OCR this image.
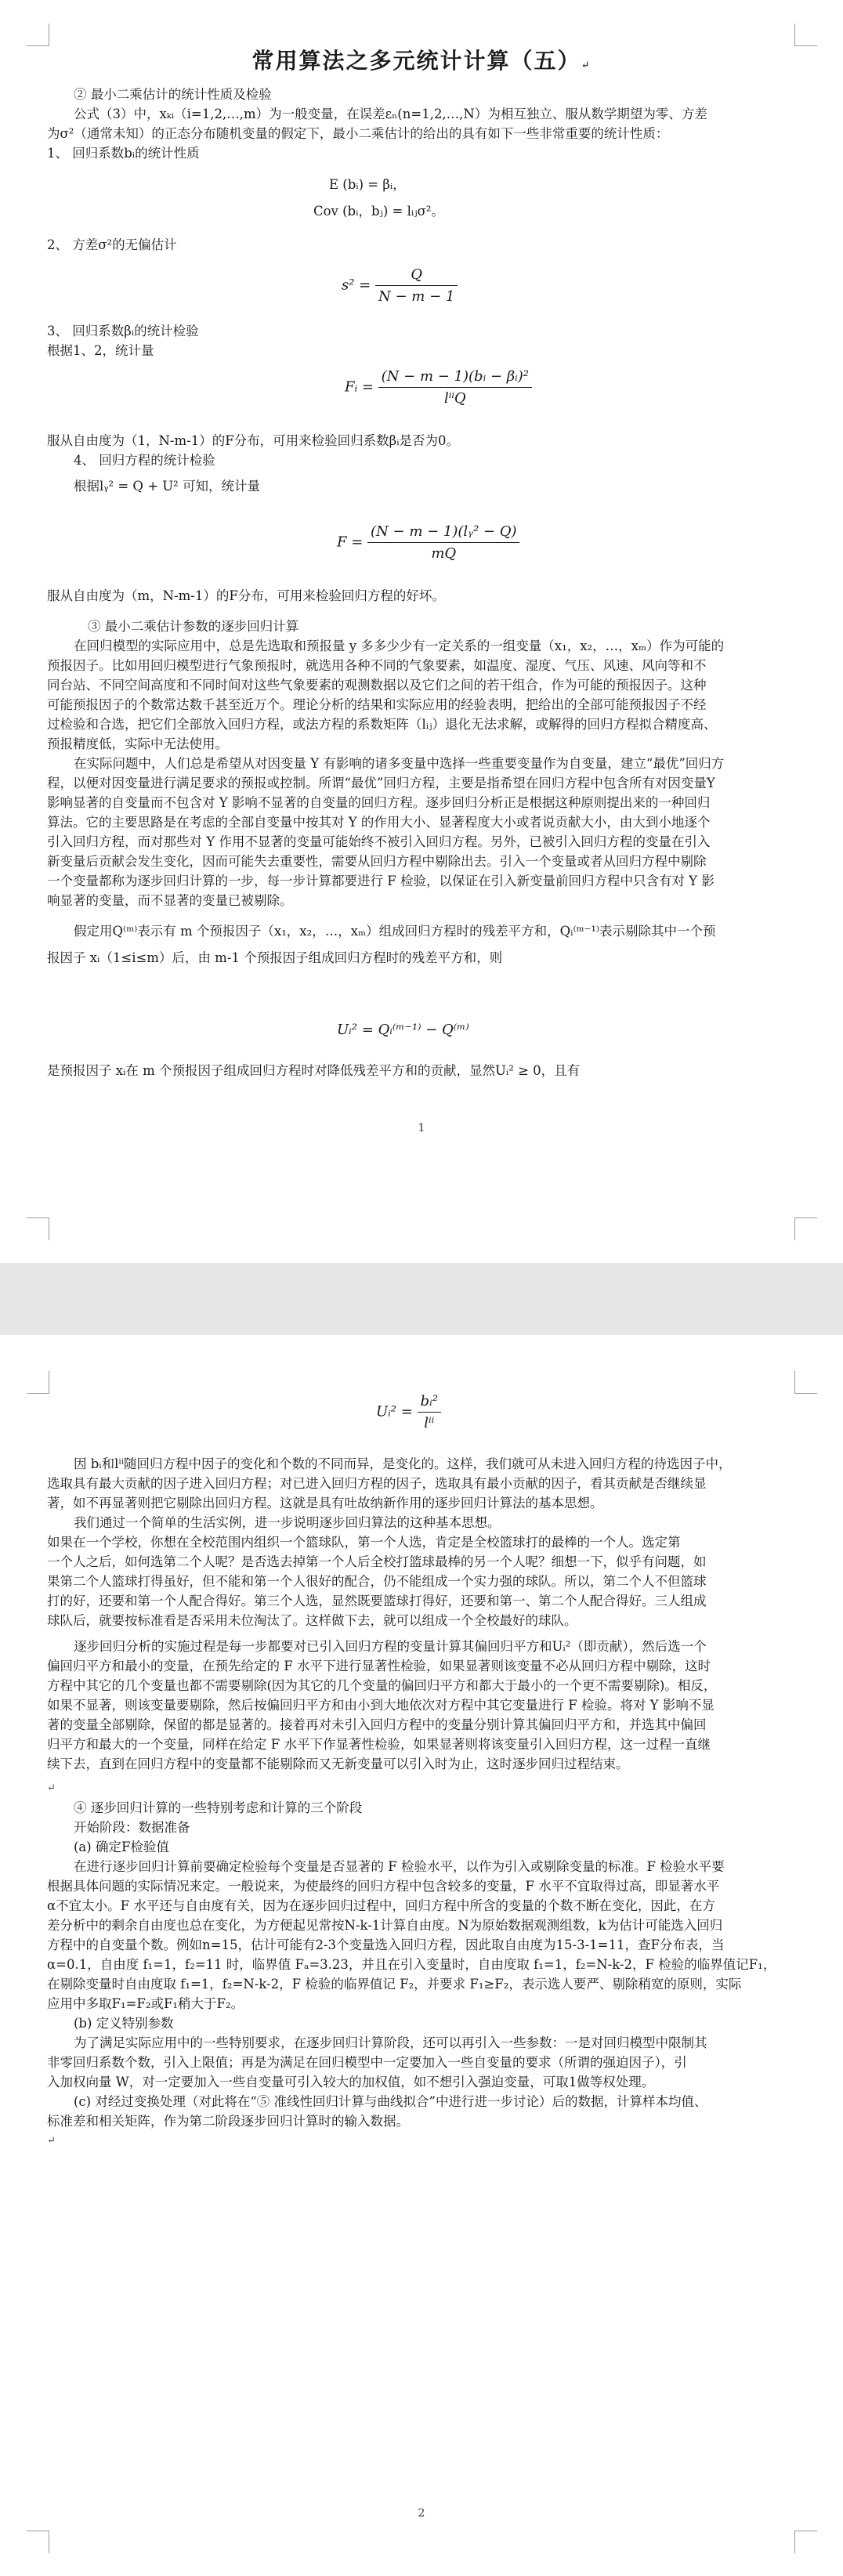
常用算法之多元统计计算（五）↵
② 最小二乘估计的统计性质及检验
公式（3）中，xₖᵢ（i=1,2,…,m）为一般变量，在误差εₙ(n=1,2,…,N）为相互独立、服从数学期望为零、方差
为σ²（通常未知）的正态分布随机变量的假定下，最小二乘估计的给出的具有如下一些非常重要的统计性质：
1、 回归系数bᵢ的统计性质
E (bᵢ) = βᵢ，
Cov (bᵢ，bⱼ) = lᵢⱼσ²。
2、 方差σ²的无偏估计
$s^2 = \frac{Q}{N - m - 1}$
3、 回归系数βᵢ的统计检验
根据1、2，统计量
Fᵢ = $\frac{\text{(N − m − 1)(bᵢ − βᵢ)²}}{\text{lⁱⁱQ}}$
服从自由度为（1，N-m-1）的F分布，可用来检验回归系数βᵢ是否为0。
4、 回归方程的统计检验
根据lᵧ² = Q + U² 可知，统计量
$F = \frac{\text{(N − m − 1)(lᵧ² − Q)}}{mQ}$
服从自由度为（m，N-m-1）的F分布，可用来检验回归方程的好坏。
③ 最小二乘估计参数的逐步回归计算
在回归模型的实际应用中，总是先选取和预报量 y 多多少少有一定关系的一组变量（x₁，x₂，…，xₘ）作为可能的
预报因子。比如用回归模型进行气象预报时，就选用各种不同的气象要素，如温度、湿度、气压、风速、风向等和不
同台站、不同空间高度和不同时间对这些气象要素的观测数据以及它们之间的若干组合，作为可能的预报因子。这种
可能预报因子的个数常达数千甚至近万个。理论分析的结果和实际应用的经验表明，把给出的全部可能预报因子不经
过检验和合选，把它们全部放入回归方程，或法方程的系数矩阵（lᵢⱼ）退化无法求解，或解得的回归方程拟合精度高、
预报精度低，实际中无法使用。
在实际问题中，人们总是希望从对因变量 Y 有影响的诸多变量中选择一些重要变量作为自变量，建立“最优”回归方
程，以便对因变量进行满足要求的预报或控制。所谓“最优”回归方程，主要是指希望在回归方程中包含所有对因变量Y
影响显著的自变量而不包含对 Y 影响不显著的自变量的回归方程。逐步回归分析正是根据这种原则提出来的一种回归
算法。它的主要思路是在考虑的全部自变量中按其对 Y 的作用大小、显著程度大小或者说贡献大小，由大到小地逐个
引入回归方程，而对那些对 Y 作用不显著的变量可能始终不被引入回归方程。另外，已被引入回归方程的变量在引入
新变量后贡献会发生变化，因而可能失去重要性，需要从回归方程中剔除出去。引入一个变量或者从回归方程中剔除
一个变量都称为逐步回归计算的一步，每一步计算都要进行 F 检验，以保证在引入新变量前回归方程中只含有对 Y 影
响显著的变量，而不显著的变量已被剔除。
假定用Q⁽ᵐ⁾表示有 m 个预报因子（x₁，x₂，…，xₘ）组成回归方程时的残差平方和，Qᵢ⁽ᵐ⁻¹⁾表示剔除其中一个预
报因子 xᵢ（1≤i≤m）后，由 m-1 个预报因子组成回归方程时的残差平方和，则
Uᵢ² = Qᵢ⁽ᵐ⁻¹⁾ − Q⁽ᵐ⁾
是预报因子 xᵢ在 m 个预报因子组成回归方程时对降低残差平方和的贡献，显然Uᵢ² ≥ 0，且有
1
Uᵢ² = $\frac{\text{bᵢ²}}{\text{lⁱⁱ}}$
因 bᵢ和lⁱⁱ随回归方程中因子的变化和个数的不同而异，是变化的。这样，我们就可从未进入回归方程的待选因子中，
选取具有最大贡献的因子进入回归方程；对已进入回归方程的因子，选取具有最小贡献的因子，看其贡献是否继续显
著，如不再显著则把它剔除出回归方程。这就是具有吐故纳新作用的逐步回归计算法的基本思想。
我们通过一个简单的生活实例，进一步说明逐步回归算法的这种基本思想。
如果在一个学校，你想在全校范围内组织一个篮球队，第一个人选，肯定是全校篮球打的最棒的一个人。选定第
一个人之后，如何选第二个人呢？是否选去掉第一个人后全校打篮球最棒的另一个人呢？细想一下，似乎有问题，如
果第二个人篮球打得虽好，但不能和第一个人很好的配合，仍不能组成一个实力强的球队。所以，第二个人不但篮球
打的好，还要和第一个人配合得好。第三个人选，显然既要篮球打得好，还要和第一、第二个人配合得好。三人组成
球队后，就要按标准看是否采用未位淘汰了。这样做下去，就可以组成一个全校最好的球队。
逐步回归分析的实施过程是每一步都要对已引入回归方程的变量计算其偏回归平方和Uᵢ²（即贡献），然后选一个
偏回归平方和最小的变量，在预先给定的 F 水平下进行显著性检验，如果显著则该变量不必从回归方程中剔除，这时
方程中其它的几个变量也都不需要剔除(因为其它的几个变量的偏回归平方和都大于最小的一个更不需要剔除)。相反，
如果不显著，则该变量要剔除，然后按偏回归平方和由小到大地依次对方程中其它变量进行 F 检验。将对 Y 影响不显
著的变量全部剔除，保留的都是显著的。接着再对未引入回归方程中的变量分别计算其偏回归平方和，并选其中偏回
归平方和最大的一个变量，同样在给定 F 水平下作显著性检验，如果显著则将该变量引入回归方程，这一过程一直继
续下去，直到在回归方程中的变量都不能剔除而又无新变量可以引入时为止，这时逐步回归过程结束。
↵
④ 逐步回归计算的一些特别考虑和计算的三个阶段
开始阶段：数据准备
(a) 确定F检验值
在进行逐步回归计算前要确定检验每个变量是否显著的 F 检验水平，以作为引入或剔除变量的标准。F 检验水平要
根据具体问题的实际情况来定。一般说来，为使最终的回归方程中包含较多的变量，F 水平不宜取得过高，即显著水平
α不宜太小。F 水平还与自由度有关，因为在逐步回归过程中，回归方程中所含的变量的个数不断在变化，因此，在方
差分析中的剩余自由度也总在变化，为方便起见常按N-k-1计算自由度。N为原始数据观测组数，k为估计可能选入回归
方程中的自变量个数。例如n=15，估计可能有2-3个变量选入回归方程，因此取自由度为15-3-1=11，查F分布表，当
α=0.1，自由度 f₁=1，f₂=11 时，临界值 Fₐ=3.23，并且在引入变量时，自由度取 f₁=1，f₂=N-k-2，F 检验的临界值记F₁，
在剔除变量时自由度取 f₁=1，f₂=N-k-2，F 检验的临界值记 F₂，并要求 F₁≥F₂，表示选人要严、剔除稍宽的原则，实际
应用中多取F₁=F₂或F₁稍大于F₂。
(b) 定义特别参数
为了满足实际应用中的一些特别要求，在逐步回归计算阶段，还可以再引入一些参数：一是对回归模型中限制其
非零回归系数个数，引入上限值；再是为满足在回归模型中一定要加入一些自变量的要求（所谓的强迫因子），引
入加权向量 W，对一定要加入一些自变量可引入较大的加权值，如不想引入强迫变量，可取1做等权处理。
(c) 对经过变换处理（对此将在“⑤ 准线性回归计算与曲线拟合”中进行进一步讨论）后的数据，计算样本均值、
标准差和相关矩阵，作为第二阶段逐步回归计算时的输入数据。
↵
2
